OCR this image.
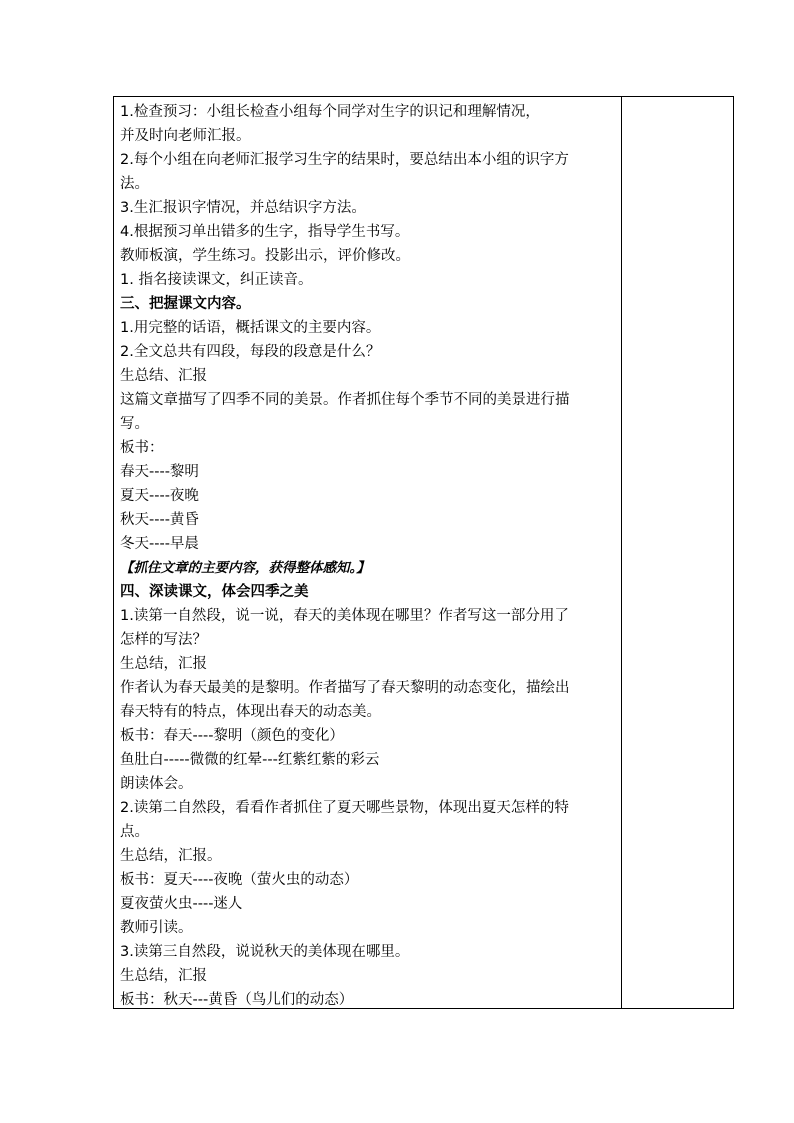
1.检查预习：小组长检查小组每个同学对生字的识记和理解情况，
并及时向老师汇报。
2.每个小组在向老师汇报学习生字的结果时，要总结出本小组的识字方
法。
3.生汇报识字情况，并总结识字方法。
4.根据预习单出错多的生字，指导学生书写。
教师板演，学生练习。投影出示，评价修改。
1. 指名接读课文，纠正读音。
三、把握课文内容。
1.用完整的话语，概括课文的主要内容。
2.全文总共有四段，每段的段意是什么？
生总结、汇报
这篇文章描写了四季不同的美景。作者抓住每个季节不同的美景进行描
写。
板书：
春天----黎明
夏天----夜晚
秋天----黄昏
冬天----早晨
【抓住文章的主要内容，获得整体感知。】
四、深读课文，体会四季之美
1.读第一自然段，说一说，春天的美体现在哪里？作者写这一部分用了
怎样的写法？
生总结，汇报
作者认为春天最美的是黎明。作者描写了春天黎明的动态变化，描绘出
春天特有的特点，体现出春天的动态美。
板书：春天----黎明（颜色的变化）
鱼肚白-----微微的红晕---红紫红紫的彩云
朗读体会。
2.读第二自然段，看看作者抓住了夏天哪些景物，体现出夏天怎样的特
点。
生总结，汇报。
板书：夏天----夜晚（萤火虫的动态）
夏夜萤火虫----迷人
教师引读。
3.读第三自然段，说说秋天的美体现在哪里。
生总结，汇报
板书：秋天---黄昏（鸟儿们的动态）
